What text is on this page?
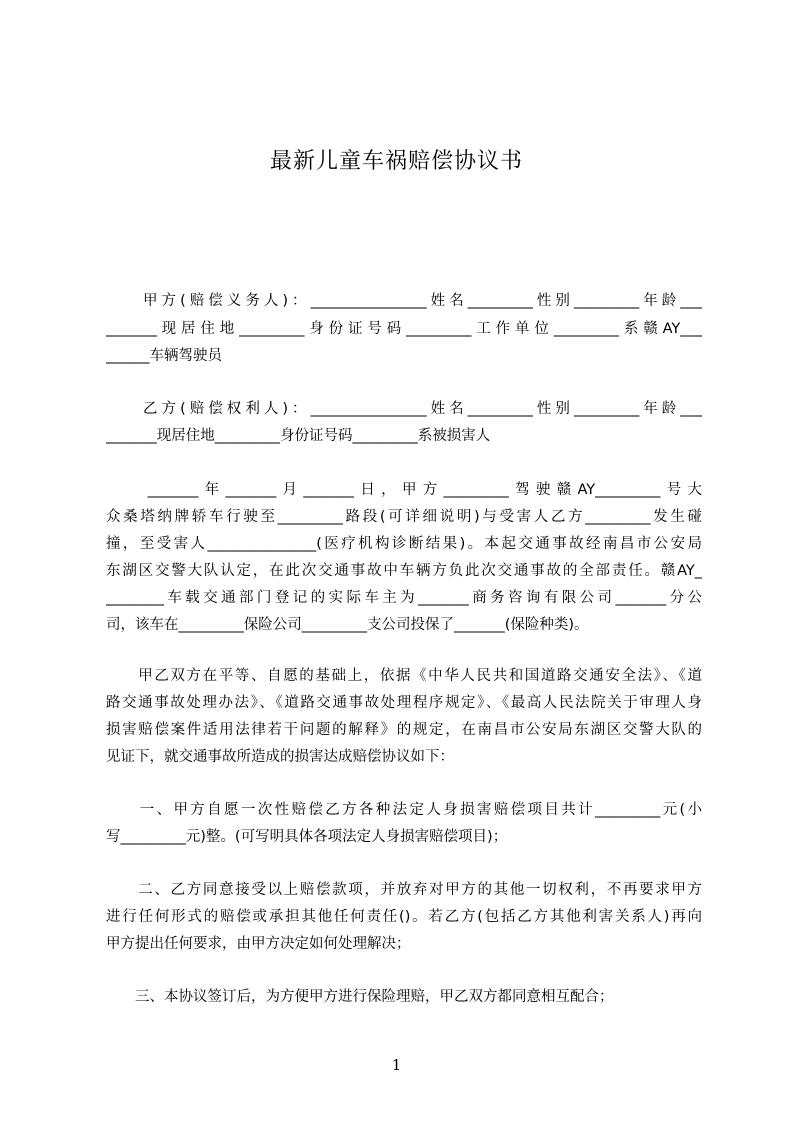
最新儿童车祸赔偿协议书
　　甲方(赔偿义务人)：________________姓名_________性别_________年龄___
_______现居住地_________身份证号码_________工作单位_________系赣AY___
______车辆驾驶员
　　乙方(赔偿权利人)：________________姓名_________性别_________年龄___
_______现居住地_________身份证号码_________系被损害人
　　_______年_______月_______日，甲方_________驾驶赣AY_________号大
众桑塔纳牌轿车行驶至_________路段(可详细说明)与受害人乙方_________发生碰
撞，至受害人_______________(医疗机构诊断结果)。本起交通事故经南昌市公安局
东湖区交警大队认定，在此次交通事故中车辆方负此次交通事故的全部责任。赣AY_
________车载交通部门登记的实际车主为_______商务咨询有限公司_______分公
司，该车在_________保险公司_________支公司投保了_______(保险种类)。
　　甲乙双方在平等、自愿的基础上，依据《中华人民共和国道路交通安全法》、《道
路交通事故处理办法》、《道路交通事故处理程序规定》、《最高人民法院关于审理人身
损害赔偿案件适用法律若干问题的解释》的规定，在南昌市公安局东湖区交警大队的
见证下，就交通事故所造成的损害达成赔偿协议如下：
　　一、甲方自愿一次性赔偿乙方各种法定人身损害赔偿项目共计_________元(小
写_________元)整。(可写明具体各项法定人身损害赔偿项目)；
　　二、乙方同意接受以上赔偿款项，并放弃对甲方的其他一切权利，不再要求甲方
进行任何形式的赔偿或承担其他任何责任()。若乙方(包括乙方其他利害关系人)再向
甲方提出任何要求，由甲方决定如何处理解决；
　　三、本协议签订后，为方便甲方进行保险理赔，甲乙双方都同意相互配合；
1
